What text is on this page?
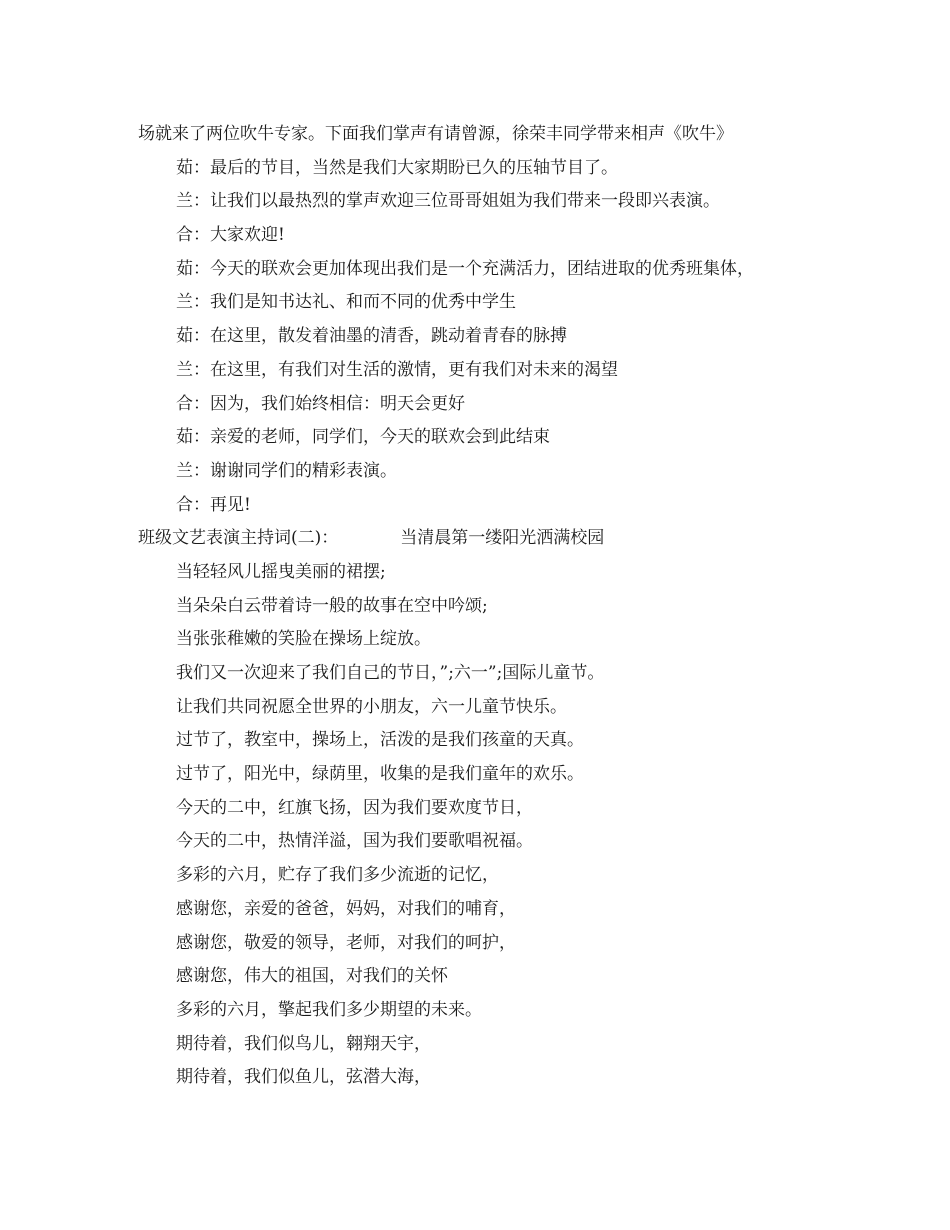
场就来了两位吹牛专家。下面我们掌声有请曾源，徐荣丰同学带来相声《吹牛》
茹：最后的节目，当然是我们大家期盼已久的压轴节目了。
兰：让我们以最热烈的掌声欢迎三位哥哥姐姐为我们带来一段即兴表演。
合：大家欢迎!
茹：今天的联欢会更加体现出我们是一个充满活力，团结进取的优秀班集体，
兰：我们是知书达礼、和而不同的优秀中学生
茹：在这里，散发着油墨的清香，跳动着青春的脉搏
兰：在这里，有我们对生活的激情，更有我们对未来的渴望
合：因为，我们始终相信：明天会更好
茹：亲爱的老师，同学们，今天的联欢会到此结束
兰：谢谢同学们的精彩表演。
合：再见!
班级文艺表演主持词(二)：	当清晨第一缕阳光洒满校园
当轻轻风儿摇曳美丽的裙摆;
当朵朵白云带着诗一般的故事在空中吟颂;
当张张稚嫩的笑脸在操场上绽放。
我们又一次迎来了我们自己的节日，”;六一”;国际儿童节。
让我们共同祝愿全世界的小朋友，六一儿童节快乐。
过节了，教室中，操场上，活泼的是我们孩童的天真。
过节了，阳光中，绿荫里，收集的是我们童年的欢乐。
今天的二中，红旗飞扬，因为我们要欢度节日，
今天的二中，热情洋溢，国为我们要歌唱祝福。
多彩的六月，贮存了我们多少流逝的记忆，
感谢您，亲爱的爸爸，妈妈，对我们的哺育，
感谢您，敬爱的领导，老师，对我们的呵护，
感谢您，伟大的祖国，对我们的关怀
多彩的六月，擎起我们多少期望的未来。
期待着，我们似鸟儿，翱翔天宇，
期待着，我们似鱼儿，弦潜大海，
